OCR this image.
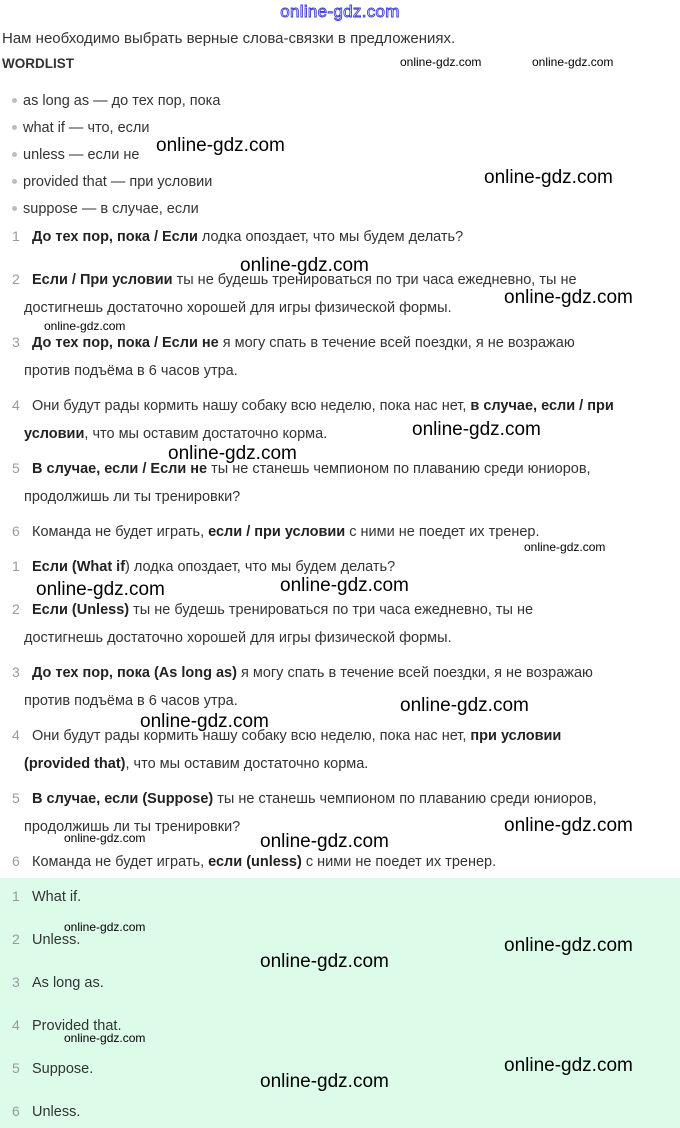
online-gdz.com
Нам необходимо выбрать верные слова-связки в предложениях.
WORDLIST
as long as — до тех пор, пока
what if — что, если
unless — если не
provided that — при условии
suppose — в случае, если
1 До тех пор, пока / Если лодка опоздает, что мы будем делать?
2 Если / При условии ты не будешь тренироваться по три часа ежедневно, ты не
достигнешь достаточно хорошей для игры физической формы.
3 До тех пор, пока / Если не я могу спать в течение всей поездки, я не возражаю
против подъёма в 6 часов утра.
4 Они будут рады кормить нашу собаку всю неделю, пока нас нет, в случае, если / при
условии, что мы оставим достаточно корма.
5 В случае, если / Если не ты не станешь чемпионом по плаванию среди юниоров,
продолжишь ли ты тренировки?
6 Команда не будет играть, если / при условии с ними не поедет их тренер.
1 Если (What if) лодка опоздает, что мы будем делать?
2 Если (Unless) ты не будешь тренироваться по три часа ежедневно, ты не
достигнешь достаточно хорошей для игры физической формы.
3 До тех пор, пока (As long as) я могу спать в течение всей поездки, я не возражаю
против подъёма в 6 часов утра.
4 Они будут рады кормить нашу собаку всю неделю, пока нас нет, при условии
(provided that), что мы оставим достаточно корма.
5 В случае, если (Suppose) ты не станешь чемпионом по плаванию среди юниоров,
продолжишь ли ты тренировки?
6 Команда не будет играть, если (unless) с ними не поедет их тренер.
1 What if.
2 Unless.
3 As long as.
4 Provided that.
5 Suppose.
6 Unless.
online-gdz.com	online-gdz.com
online-gdz.com
online-gdz.com
online-gdz.com
online-gdz.com
online-gdz.com
online-gdz.com
online-gdz.com
online-gdz.com
online-gdz.com	online-gdz.com
online-gdz.com
online-gdz.com
online-gdz.com
online-gdz.com	online-gdz.com
online-gdz.com
online-gdz.com
online-gdz.com
online-gdz.com
online-gdz.com
online-gdz.com
